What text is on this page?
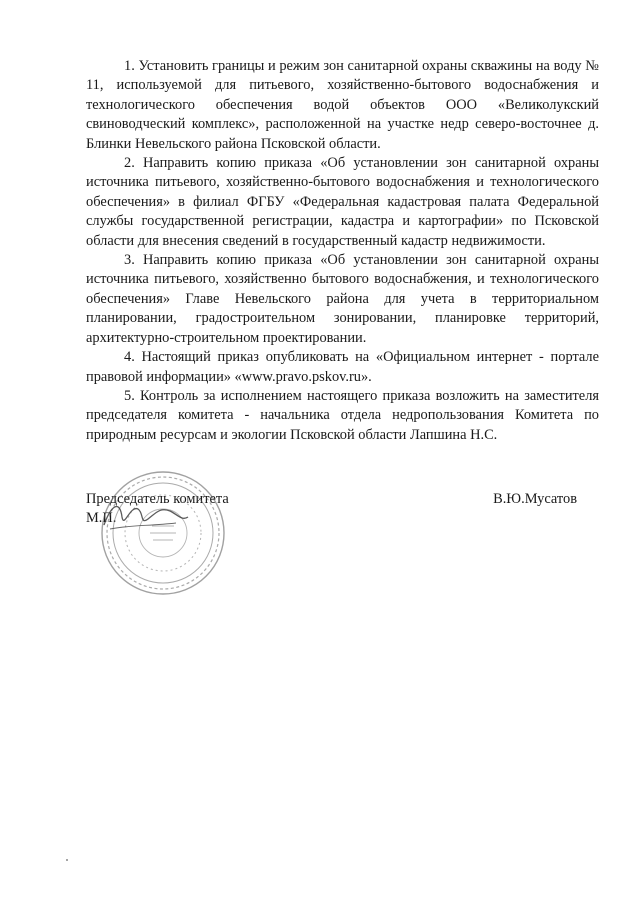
1. Установить границы и режим зон санитарной охраны скважины на воду № 11, используемой для питьевого, хозяйственно-бытового водоснабжения и технологического обеспечения водой объектов ООО «Великолукский свиноводческий комплекс», расположенной на участке недр северо-восточнее д. Блинки Невельского района Псковской области.

2. Направить копию приказа «Об установлении зон санитарной охраны источника питьевого, хозяйственно-бытового водоснабжения и технологического обеспечения» в филиал ФГБУ «Федеральная кадастровая палата Федеральной службы государственной регистрации, кадастра и картографии» по Псковской области для внесения сведений в государственный кадастр недвижимости.

3. Направить копию приказа «Об установлении зон санитарной охраны источника питьевого, хозяйственно бытового водоснабжения, и технологического обеспечения» Главе Невельского района для учета в территориальном планировании, градостроительном зонировании, планировке территорий, архитектурно-строительном проектировании.

4. Настоящий приказ опубликовать на «Официальном интернет - портале правовой информации» «www.pravo.pskov.ru».

5. Контроль за исполнением настоящего приказа возложить на заместителя председателя комитета - начальника отдела недропользования Комитета по природным ресурсам и экологии Псковской области Лапшина Н.С.

Председатель комитета
М.П.
В.Ю.Мусатов
